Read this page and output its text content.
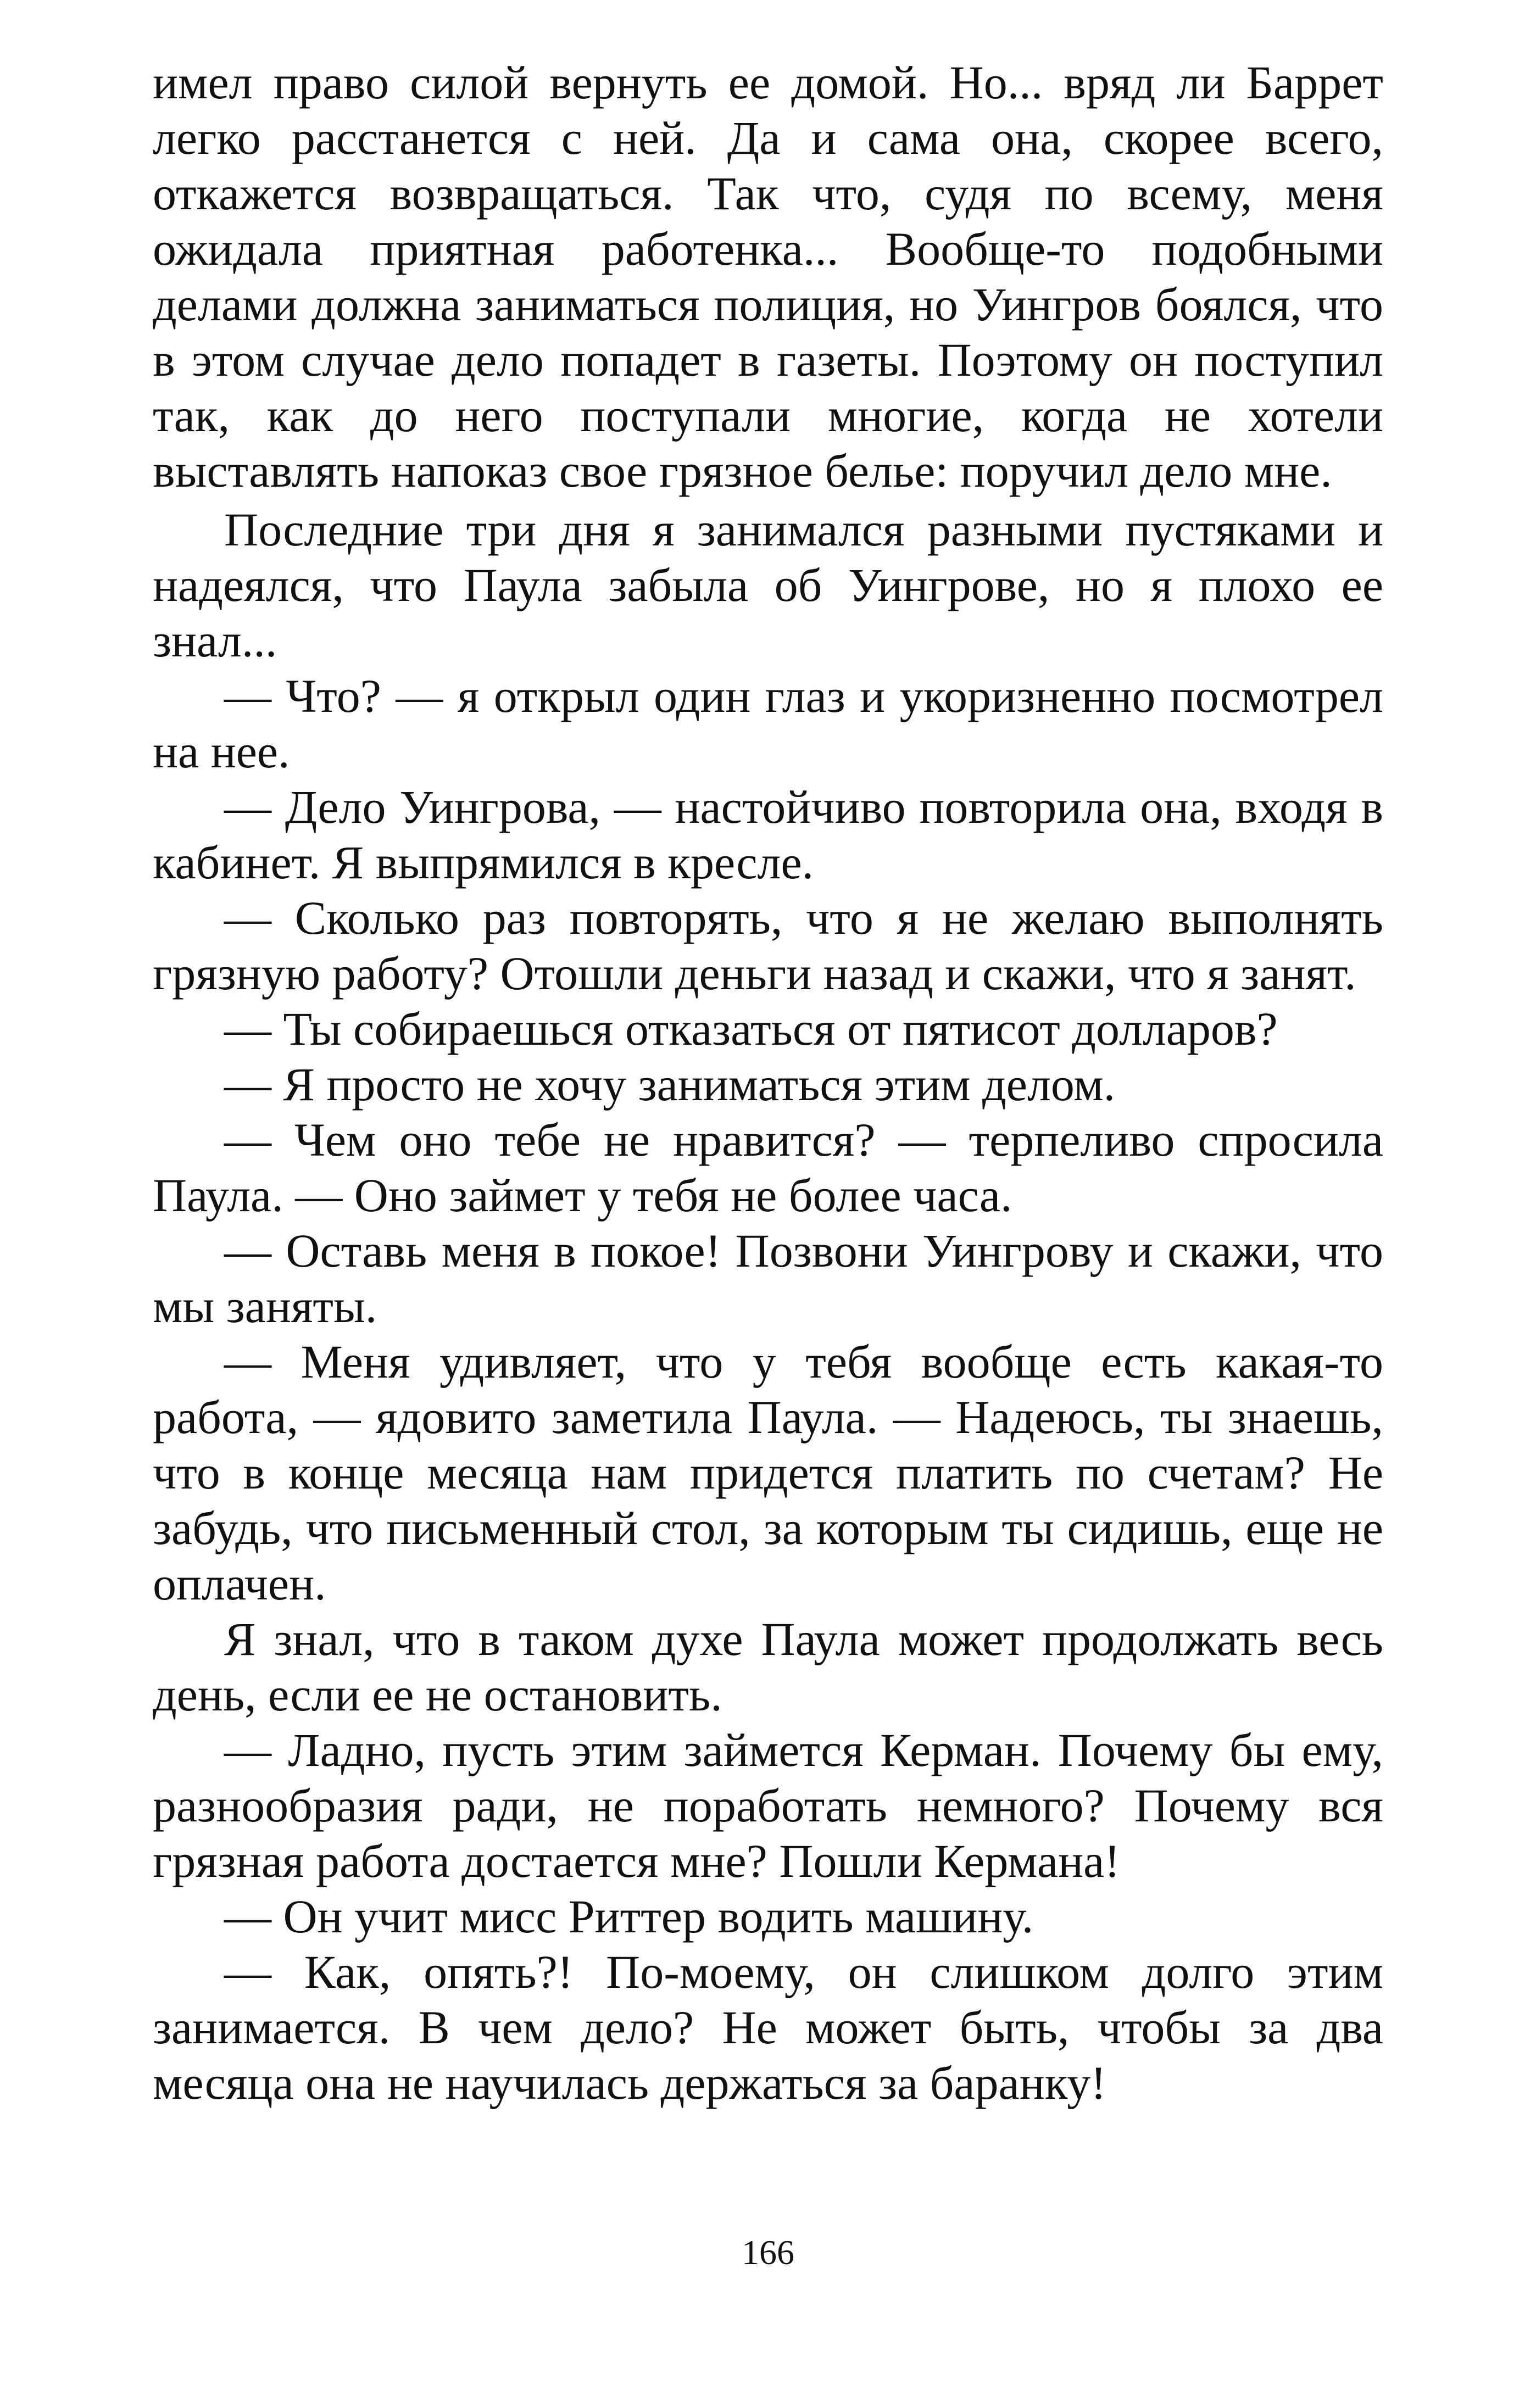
имел право силой вернуть ее домой. Но... вряд ли Баррет легко расстанется с ней. Да и сама она, скорее всего, откажется возвращаться. Так что, судя по всему, меня ожидала приятная работенка... Вообще-то подобными делами должна заниматься полиция, но Уингров боялся, что в этом случае дело попадет в газеты. Поэтому он поступил так, как до него поступали многие, когда не хотели выставлять напоказ свое грязное белье: поручил дело мне.

Последние три дня я занимался разными пустяками и надеялся, что Паула забыла об Уингрове, но я плохо ее знал...

— Что? — я открыл один глаз и укоризненно посмотрел на нее.

— Дело Уингрова, — настойчиво повторила она, входя в кабинет. Я выпрямился в кресле.

— Сколько раз повторять, что я не желаю выполнять грязную работу? Отошли деньги назад и скажи, что я занят.

— Ты собираешься отказаться от пятисот долларов?

— Я просто не хочу заниматься этим делом.

— Чем оно тебе не нравится? — терпеливо спросила Паула. — Оно займет у тебя не более часа.

— Оставь меня в покое! Позвони Уингрову и скажи, что мы заняты.

— Меня удивляет, что у тебя вообще есть какая-то работа, — ядовито заметила Паула. — Надеюсь, ты знаешь, что в конце месяца нам придется платить по счетам? Не забудь, что письменный стол, за которым ты сидишь, еще не оплачен.

Я знал, что в таком духе Паула может продолжать весь день, если ее не остановить.

— Ладно, пусть этим займется Керман. Почему бы ему, разнообразия ради, не поработать немного? Почему вся грязная работа достается мне? Пошли Кермана!

— Он учит мисс Риттер водить машину.

— Как, опять?! По-моему, он слишком долго этим занимается. В чем дело? Не может быть, чтобы за два месяца она не научилась держаться за баранку!

166
